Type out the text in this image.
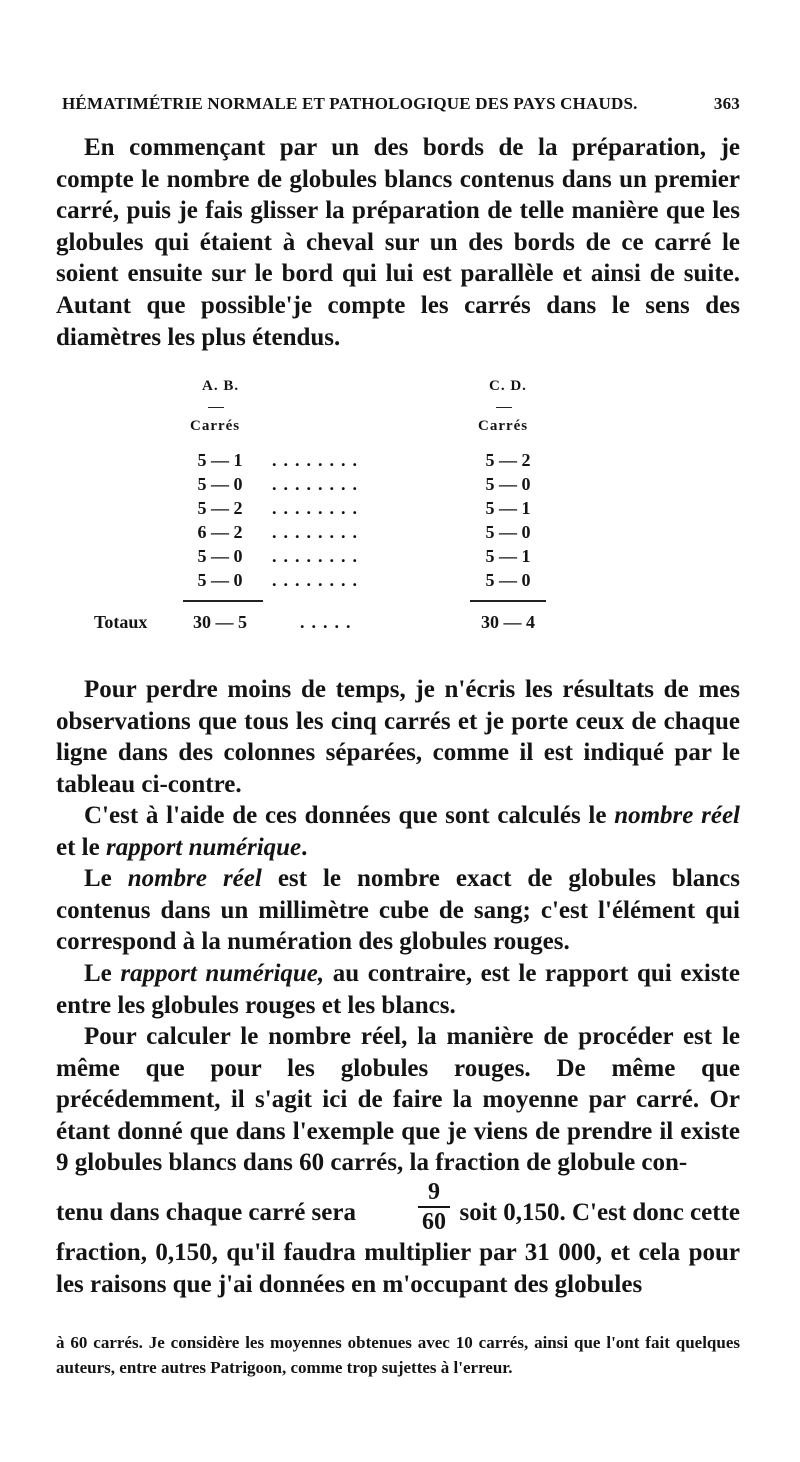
HÉMATIMÉTRIE NORMALE ET PATHOLOGIQUE DES PAYS CHAUDS.	363

En commençant par un des bords de la préparation, je compte le nombre de globules blancs contenus dans un premier carré, puis je fais glisser la préparation de telle manière que les globules qui étaient à cheval sur un des bords de ce carré le soient ensuite sur le bord qui lui est parallèle et ainsi de suite. Autant que possible'je compte les carrés dans le sens des diamètres les plus étendus.

A. B.	C. D.
Carrés	Carrés
5 — 1	........	5 — 2
5 — 0	........	5 — 0
5 — 2	........	5 — 1
6 — 2	........	5 — 0
5 — 0	........	5 — 1
5 — 0	........	5 — 0
Totaux	30 — 5	.....	30 — 4

Pour perdre moins de temps, je n'écris les résultats de mes observations que tous les cinq carrés et je porte ceux de chaque ligne dans des colonnes séparées, comme il est indiqué par le tableau ci-contre.

C'est à l'aide de ces données que sont calculés le nombre réel et le rapport numérique.

Le nombre réel est le nombre exact de globules blancs contenus dans un millimètre cube de sang; c'est l'élément qui correspond à la numération des globules rouges.

Le rapport numérique, au contraire, est le rapport qui existe entre les globules rouges et les blancs.

Pour calculer le nombre réel, la manière de procéder est le même que pour les globules rouges. De même que précédemment, il s'agit ici de faire la moyenne par carré. Or étant donné que dans l'exemple que je viens de prendre il existe 9 globules blancs dans 60 carrés, la fraction de globule con-

tenu dans chaque carré sera
9
60 soit 0,150. C'est donc cette

fraction, 0,150, qu'il faudra multiplier par 31 000, et cela pour les raisons que j'ai données en m'occupant des globules

à 60 carrés. Je considère les moyennes obtenues avec 10 carrés, ainsi que l'ont fait quelques auteurs, entre autres Patrigoon, comme trop sujettes à l'erreur.
